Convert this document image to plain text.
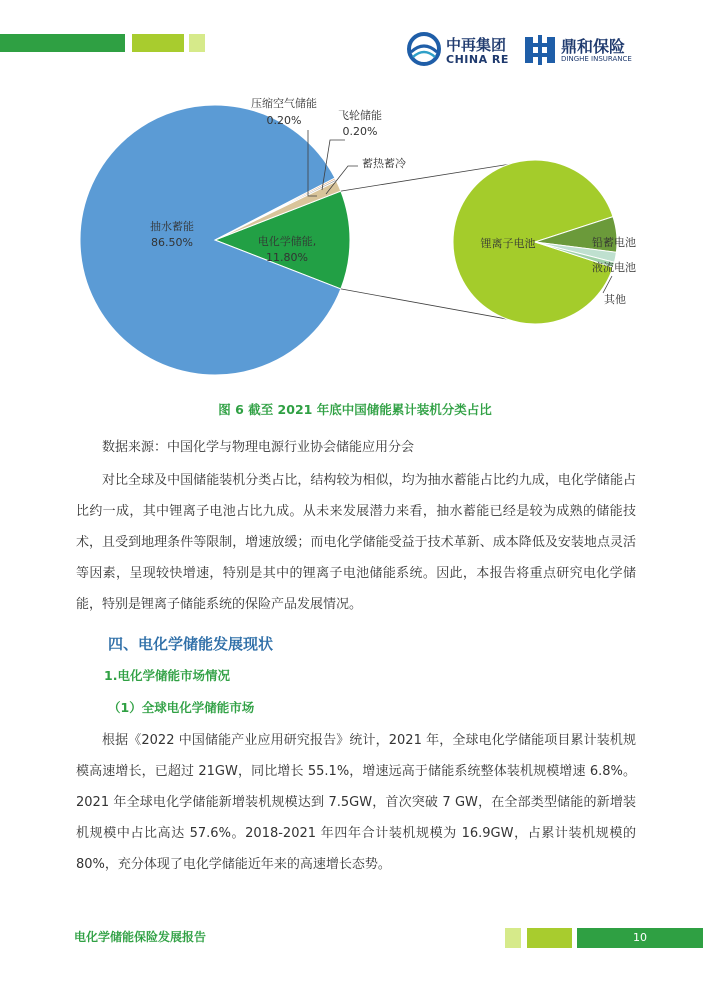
中再集团
CHINA RE
鼎和保险
DINGHE INSURANCE
抽水蓄能
86.50%	电化学储能,
11.80%
压缩空气储能
0.20%	飞轮储能
0.20%
蓄热蓄冷
锂离子电池	铅蓄电池
液流电池
其他
图 6 截至 2021 年底中国储能累计装机分类占比
数据来源：中国化学与物理电源行业协会储能应用分会
对比全球及中国储能装机分类占比，结构较为相似，均为抽水蓄能占比约九成，电化学储能占比约一成，其中锂离子电池占比九成。从未来发展潜力来看，抽水蓄能已经是较为成熟的储能技术，且受到地理条件等限制，增速放缓；而电化学储能受益于技术革新、成本降低及安装地点灵活等因素，呈现较快增速，特别是其中的锂离子电池储能系统。因此，本报告将重点研究电化学储能，特别是锂离子储能系统的保险产品发展情况。
四、电化学储能发展现状
1.电化学储能市场情况
（1）全球电化学储能市场
根据《2022 中国储能产业应用研究报告》统计，2021 年，全球电化学储能项目累计装机规模高速增长，已超过 21GW，同比增长 55.1%，增速远高于储能系统整体装机规模增速 6.8%。2021 年全球电化学储能新增装机规模达到 7.5GW，首次突破 7 GW，在全部类型储能的新增装机规模中占比高达 57.6%。2018-2021 年四年合计装机规模为 16.9GW，占累计装机规模的 80%，充分体现了电化学储能近年来的高速增长态势。
电化学储能保险发展报告	10
